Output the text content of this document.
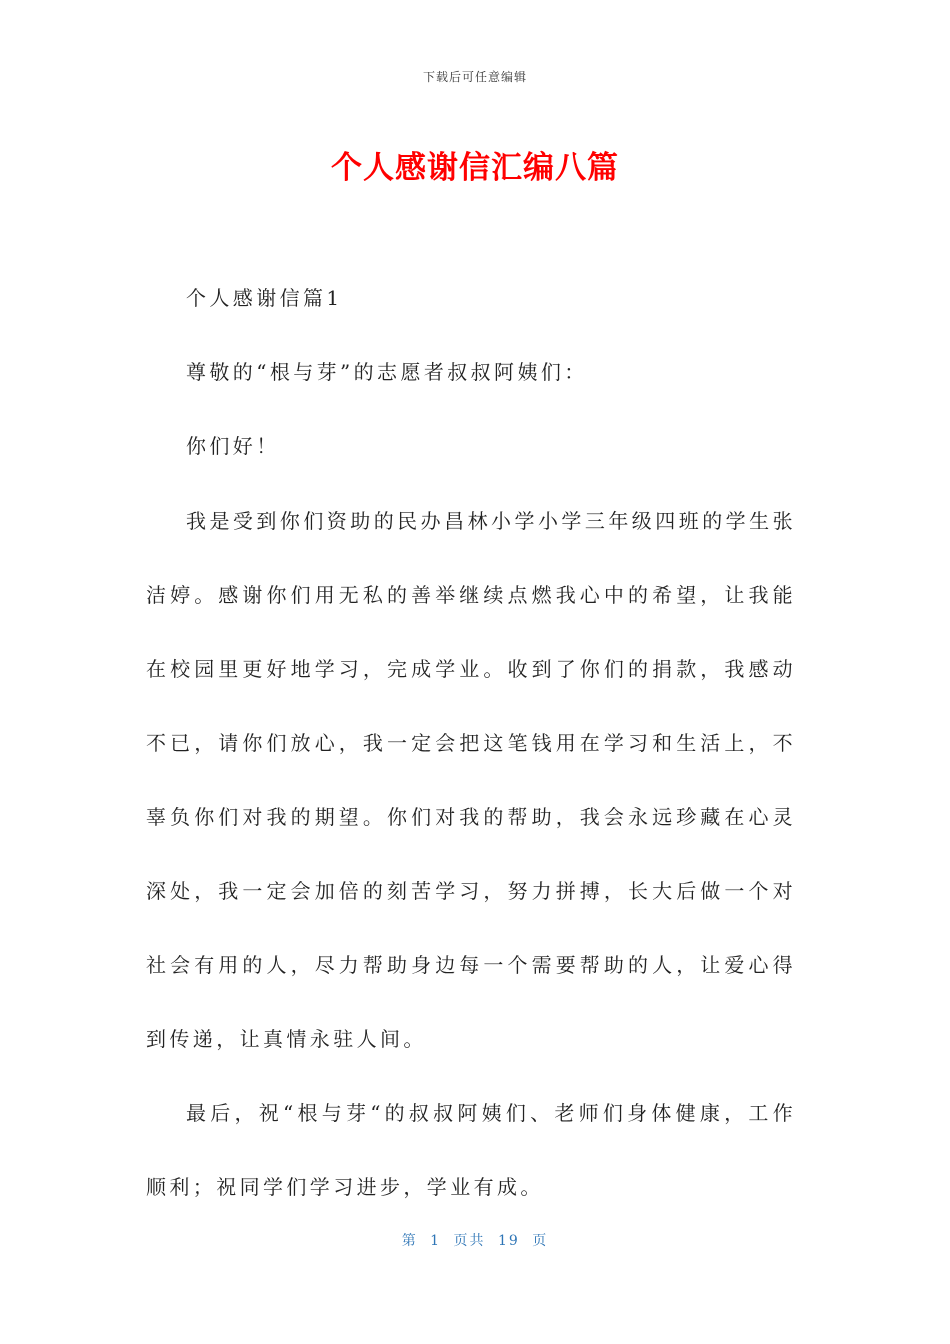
下载后可任意编辑
个人感谢信汇编八篇

个人感谢信篇1

尊敬的“根与芽”的志愿者叔叔阿姨们：

你们好！

我是受到你们资助的民办昌林小学小学三年级四班的学生张洁婷。感谢你们用无私的善举继续点燃我心中的希望，让我能在校园里更好地学习，完成学业。收到了你们的捐款，我感动不已，请你们放心，我一定会把这笔钱用在学习和生活上，不辜负你们对我的期望。你们对我的帮助，我会永远珍藏在心灵深处，我一定会加倍的刻苦学习，努力拼搏，长大后做一个对社会有用的人，尽力帮助身边每一个需要帮助的人，让爱心得到传递，让真情永驻人间。

最后，祝“根与芽“的叔叔阿姨们、老师们身体健康，工作顺利；祝同学们学习进步，学业有成。

第 1 页共 19 页
